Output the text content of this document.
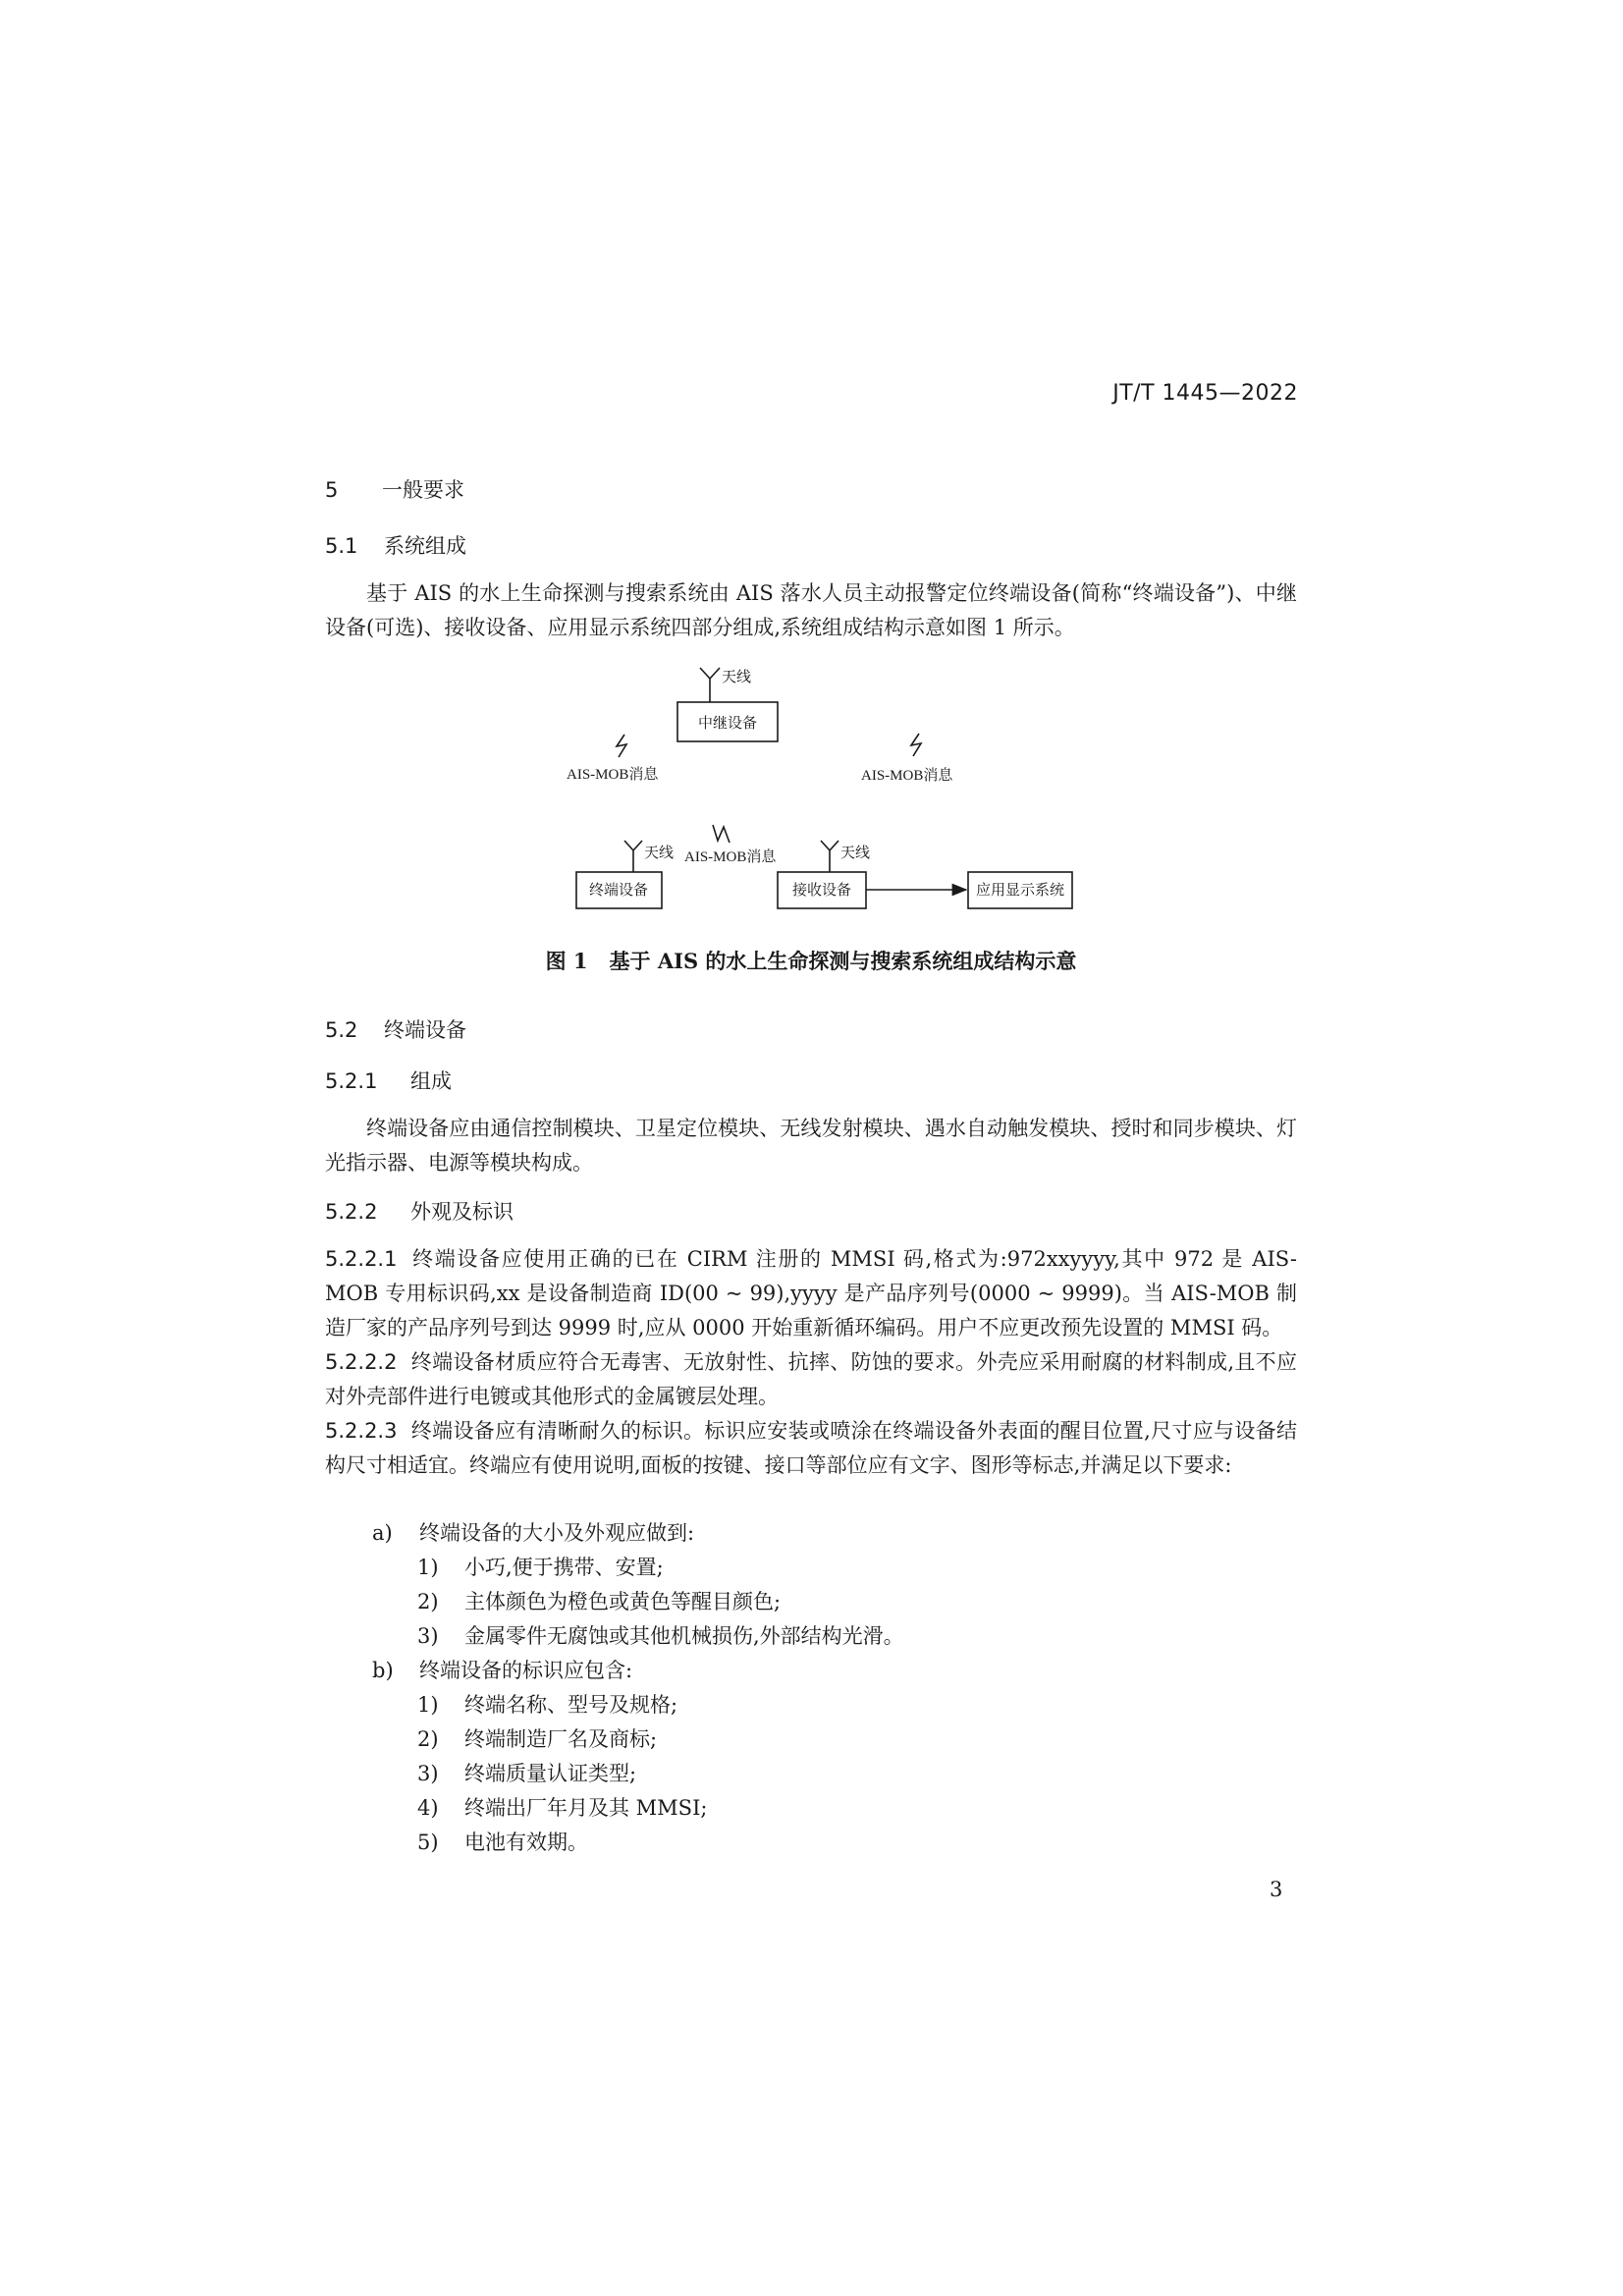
JT/T 1445—2022
5 一般要求
5.1 系统组成
基于 AIS 的水上生命探测与搜索系统由 AIS 落水人员主动报警定位终端设备(简称“终端设备”)、中继设备(可选)、接收设备、应用显示系统四部分组成,系统组成结构示意如图 1 所示。
天线
中继设备
AIS-MOB消息	AIS-MOB消息
天线 AIS-MOB消息	天线
终端设备	接收设备	应用显示系统
图 1 基于 AIS 的水上生命探测与搜索系统组成结构示意
5.2 终端设备
5.2.1 组成
终端设备应由通信控制模块、卫星定位模块、无线发射模块、遇水自动触发模块、授时和同步模块、灯光指示器、电源等模块构成。
5.2.2 外观及标识
5.2.2.1 终端设备应使用正确的已在 CIRM 注册的 MMSI 码,格式为:972xxyyyy,其中 972 是 AIS-MOB 专用标识码,xx 是设备制造商 ID(00 ~ 99),yyyy 是产品序列号(0000 ~ 9999)。当 AIS-MOB 制造厂家的产品序列号到达 9999 时,应从 0000 开始重新循环编码。用户不应更改预先设置的 MMSI 码。
5.2.2.2 终端设备材质应符合无毒害、无放射性、抗摔、防蚀的要求。外壳应采用耐腐的材料制成,且不应对外壳部件进行电镀或其他形式的金属镀层处理。
5.2.2.3 终端设备应有清晰耐久的标识。标识应安装或喷涂在终端设备外表面的醒目位置,尺寸应与设备结构尺寸相适宜。终端应有使用说明,面板的按键、接口等部位应有文字、图形等标志,并满足以下要求:
a) 终端设备的大小及外观应做到:
1) 小巧,便于携带、安置;
2) 主体颜色为橙色或黄色等醒目颜色;
3) 金属零件无腐蚀或其他机械损伤,外部结构光滑。
b) 终端设备的标识应包含:
1) 终端名称、型号及规格;
2) 终端制造厂名及商标;
3) 终端质量认证类型;
4) 终端出厂年月及其 MMSI;
5) 电池有效期。
3
